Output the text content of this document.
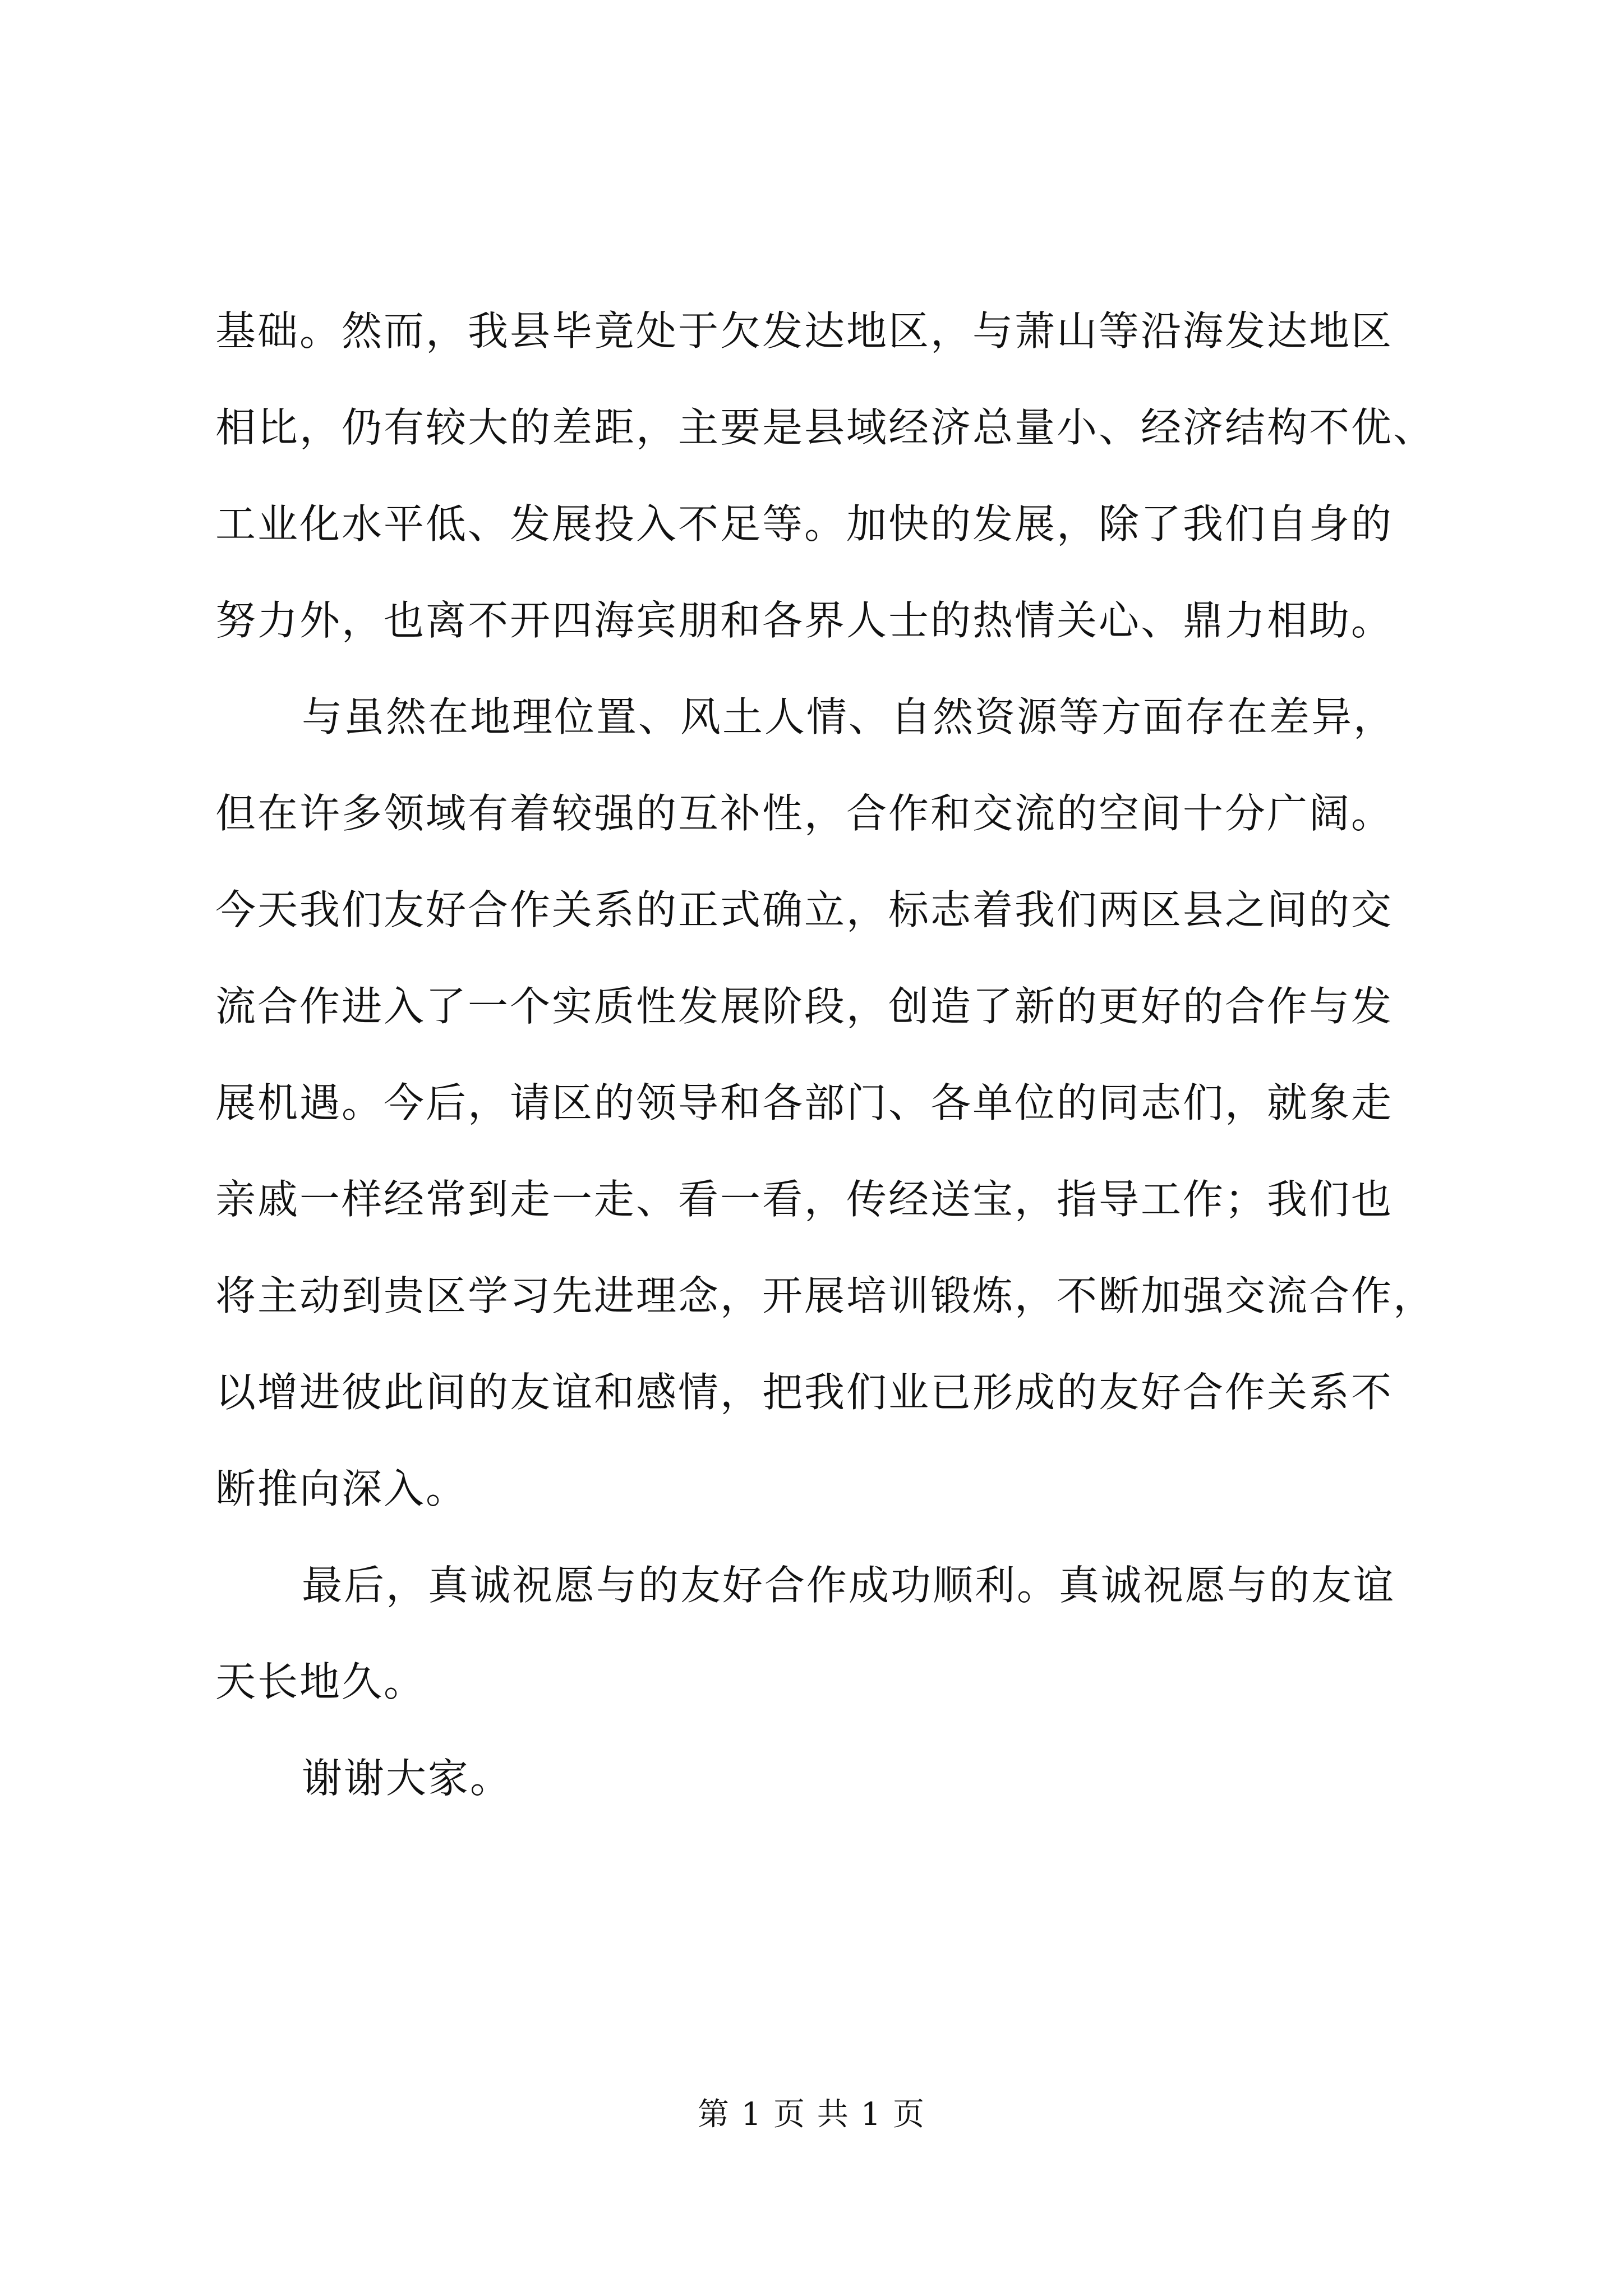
基础。然而，我县毕竟处于欠发达地区，与萧山等沿海发达地区
相比，仍有较大的差距，主要是县域经济总量小、经济结构不优、
工业化水平低、发展投入不足等。加快的发展，除了我们自身的
努力外，也离不开四海宾朋和各界人士的热情关心、鼎力相助。
与虽然在地理位置、风土人情、自然资源等方面存在差异，
但在许多领域有着较强的互补性，合作和交流的空间十分广阔。
今天我们友好合作关系的正式确立，标志着我们两区县之间的交
流合作进入了一个实质性发展阶段，创造了新的更好的合作与发
展机遇。今后，请区的领导和各部门、各单位的同志们，就象走
亲戚一样经常到走一走、看一看，传经送宝，指导工作；我们也
将主动到贵区学习先进理念，开展培训锻炼，不断加强交流合作，
以增进彼此间的友谊和感情，把我们业已形成的友好合作关系不
断推向深入。
最后，真诚祝愿与的友好合作成功顺利。真诚祝愿与的友谊
天长地久。
谢谢大家。
第 1 页 共 1 页
